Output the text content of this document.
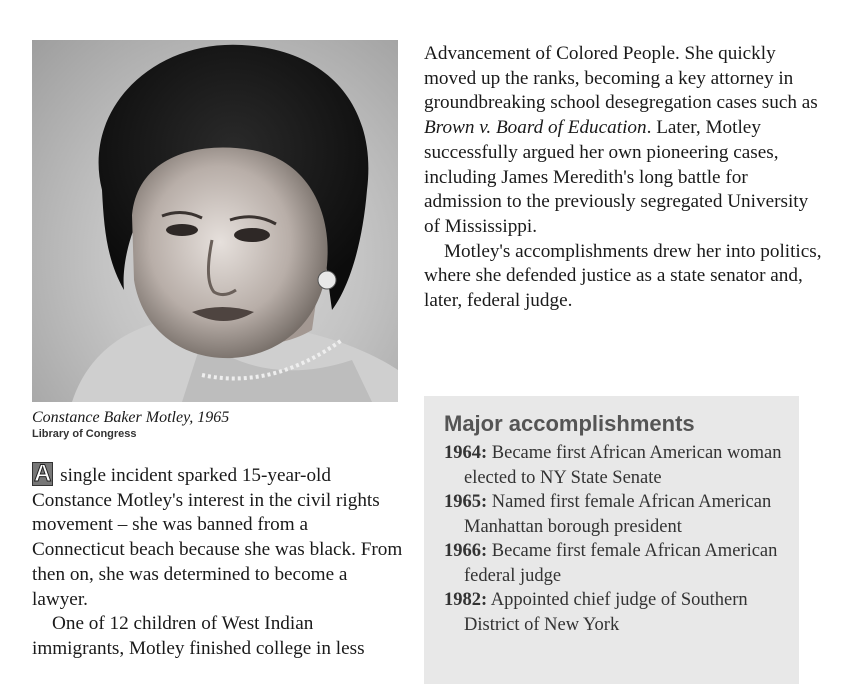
Constance Baker Motley, 1965
Library of Congress

A single incident sparked 15-year-old Constance Motley's interest in the civil rights movement – she was banned from a Connecticut beach because she was black. From then on, she was determined to become a lawyer.

One of 12 children of West Indian immigrants, Motley finished college in less

Advancement of Colored People. She quickly moved up the ranks, becoming a key attorney in groundbreaking school desegregation cases such as Brown v. Board of Education. Later, Motley successfully argued her own pioneering cases, including James Meredith's long battle for admission to the previously segregated University of Mississippi.

Motley's accomplishments drew her into politics, where she defended justice as a state senator and, later, federal judge.

Major accomplishments
1964: Became first African American woman elected to NY State Senate
1965: Named first female African American Manhattan borough president
1966: Became first female African American federal judge
1982: Appointed chief judge of Southern District of New York
